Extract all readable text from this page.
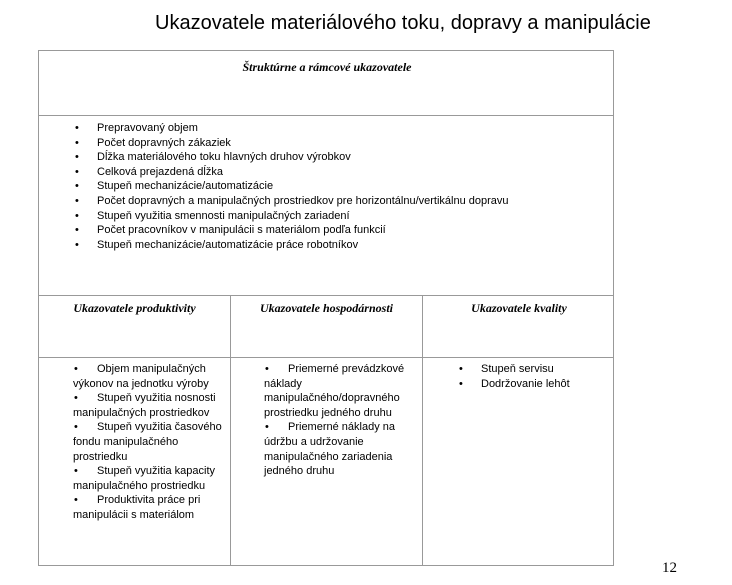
Ukazovatele materiálového toku, dopravy a manipulácie
Štruktúrne a rámcové ukazovatele
• Prepravovaný objem
• Počet dopravných zákaziek
• Dĺžka materiálového toku hlavných druhov výrobkov
• Celková prejazdená dĺžka
• Stupeň mechanizácie/automatizácie
• Počet dopravných a manipulačných prostriedkov pre horizontálnu/vertikálnu dopravu
• Stupeň využitia smennosti manipulačných zariadení
• Počet pracovníkov v manipulácii s materiálom podľa funkcií
• Stupeň mechanizácie/automatizácie práce robotníkov
Ukazovatele produktivity	Ukazovatele hospodárnosti	Ukazovatele kvality
• Objem manipulačných výkonov na jednotku výroby
• Stupeň využitia nosnosti manipulačných prostriedkov
• Stupeň využitia časového fondu manipulačného prostriedku
• Stupeň využitia kapacity manipulačného prostriedku
• Produktivita práce pri manipulácii s materiálom
• Priemerné prevádzkové náklady manipulačného/dopravného prostriedku jedného druhu
• Priemerné náklady na údržbu a udržovanie manipulačného zariadenia jedného druhu
• Stupeň servisu
• Dodržovanie lehôt
12
